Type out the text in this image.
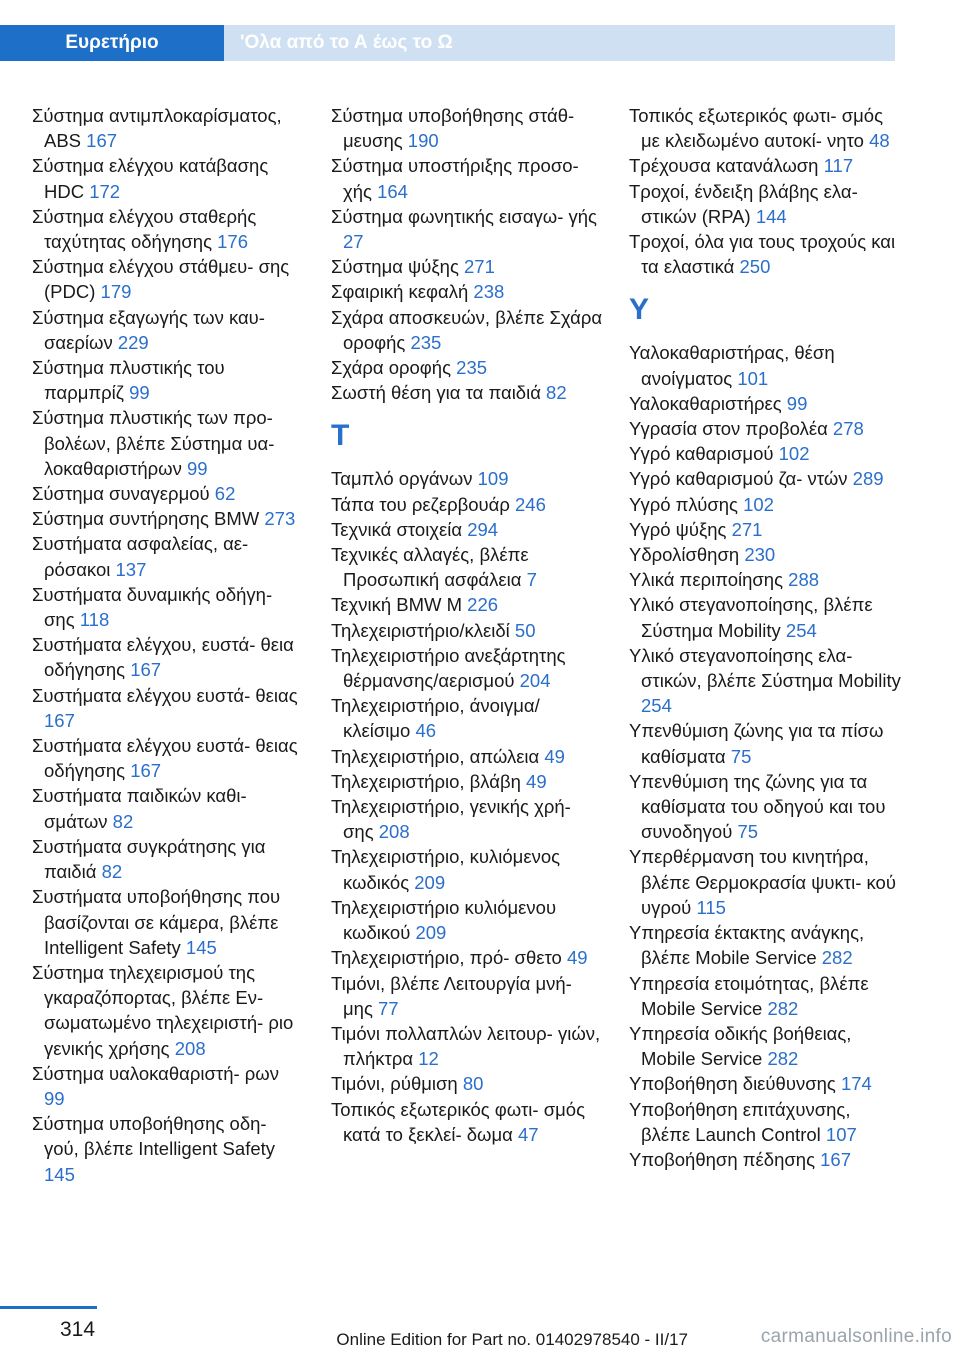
Ευρετήριο	'Ολα από το Α έως το Ω
Σύστημα αντιμπλοκαρίσματος, ABS 167
Σύστημα ελέγχου κατάβασης HDC 172
Σύστημα ελέγχου σταθερής ταχύτητας οδήγησης 176
Σύστημα ελέγχου στάθμευ- σης (PDC) 179
Σύστημα εξαγωγής των καυ- σαερίων 229
Σύστημα πλυστικής του παρμπρίζ 99
Σύστημα πλυστικής των προ- βολέων, βλέπε Σύστημα υα- λοκαθαριστήρων 99
Σύστημα συναγερμού 62
Σύστημα συντήρησης BMW 273
Συστήματα ασφαλείας, αε- ρόσακοι 137
Συστήματα δυναμικής οδήγη- σης 118
Συστήματα ελέγχου, ευστά- θεια οδήγησης 167
Συστήματα ελέγχου ευστά- θειας 167
Συστήματα ελέγχου ευστά- θειας οδήγησης 167
Συστήματα παιδικών καθι- σμάτων 82
Συστήματα συγκράτησης για παιδιά 82
Συστήματα υποβοήθησης που βασίζονται σε κάμερα, βλέπε Intelligent Safety 145
Σύστημα τηλεχειρισμού της γκαραζόπορτας, βλέπε Εν- σωματωμένο τηλεχειριστή- ριο γενικής χρήσης 208
Σύστημα υαλοκαθαριστή- ρων 99
Σύστημα υποβοήθησης οδη- γού, βλέπε Intelligent Safety 145
Σύστημα υποβοήθησης στάθ- μευσης 190
Σύστημα υποστήριξης προσο- χής 164
Σύστημα φωνητικής εισαγω- γής 27
Σύστημα ψύξης 271
Σφαιρική κεφαλή 238
Σχάρα αποσκευών, βλέπε Σχάρα οροφής 235
Σχάρα οροφής 235
Σωστή θέση για τα παιδιά 82
Τ
Ταμπλό οργάνων 109
Τάπα του ρεζερβουάρ 246
Τεχνικά στοιχεία 294
Τεχνικές αλλαγές, βλέπε Προσωπική ασφάλεια 7
Τεχνική BMW M 226
Τηλεχειριστήριο/κλειδί 50
Τηλεχειριστήριο ανεξάρτητης θέρμανσης/αερισμού 204
Τηλεχειριστήριο, άνοιγμα/ κλείσιμο 46
Τηλεχειριστήριο, απώλεια 49
Τηλεχειριστήριο, βλάβη 49
Τηλεχειριστήριο, γενικής χρή- σης 208
Τηλεχειριστήριο, κυλιόμενος κωδικός 209
Τηλεχειριστήριο κυλιόμενου κωδικού 209
Τηλεχειριστήριο, πρό- σθετο 49
Τιμόνι, βλέπε Λειτουργία μνή- μης 77
Τιμόνι πολλαπλών λειτουρ- γιών, πλήκτρα 12
Τιμόνι, ρύθμιση 80
Τοπικός εξωτερικός φωτι- σμός κατά το ξεκλεί- δωμα 47
Τοπικός εξωτερικός φωτι- σμός με κλειδωμένο αυτοκί- νητο 48
Τρέχουσα κατανάλωση 117
Τροχοί, ένδειξη βλάβης ελα- στικών (RPA) 144
Τροχοί, όλα για τους τροχούς και τα ελαστικά 250
Υ
Υαλοκαθαριστήρας, θέση ανοίγματος 101
Υαλοκαθαριστήρες 99
Υγρασία στον προβολέα 278
Υγρό καθαρισμού 102
Υγρό καθαρισμού ζα- ντών 289
Υγρό πλύσης 102
Υγρό ψύξης 271
Υδρολίσθηση 230
Υλικά περιποίησης 288
Υλικό στεγανοποίησης, βλέπε Σύστημα Mobility 254
Υλικό στεγανοποίησης ελα- στικών, βλέπε Σύστημα Mobility 254
Υπενθύμιση ζώνης για τα πίσω καθίσματα 75
Υπενθύμιση της ζώνης για τα καθίσματα του οδηγού και του συνοδηγού 75
Υπερθέρμανση του κινητήρα, βλέπε Θερμοκρασία ψυκτι- κού υγρού 115
Υπηρεσία έκτακτης ανάγκης, βλέπε Mobile Service 282
Υπηρεσία ετοιμότητας, βλέπε Mobile Service 282
Υπηρεσία οδικής βοήθειας, Mobile Service 282
Υποβοήθηση διεύθυνσης 174
Υποβοήθηση επιτάχυνσης, βλέπε Launch Control 107
Υποβοήθηση πέδησης 167
314	Online Edition for Part no. 01402978540 - II/17	carmanualsonline.info
